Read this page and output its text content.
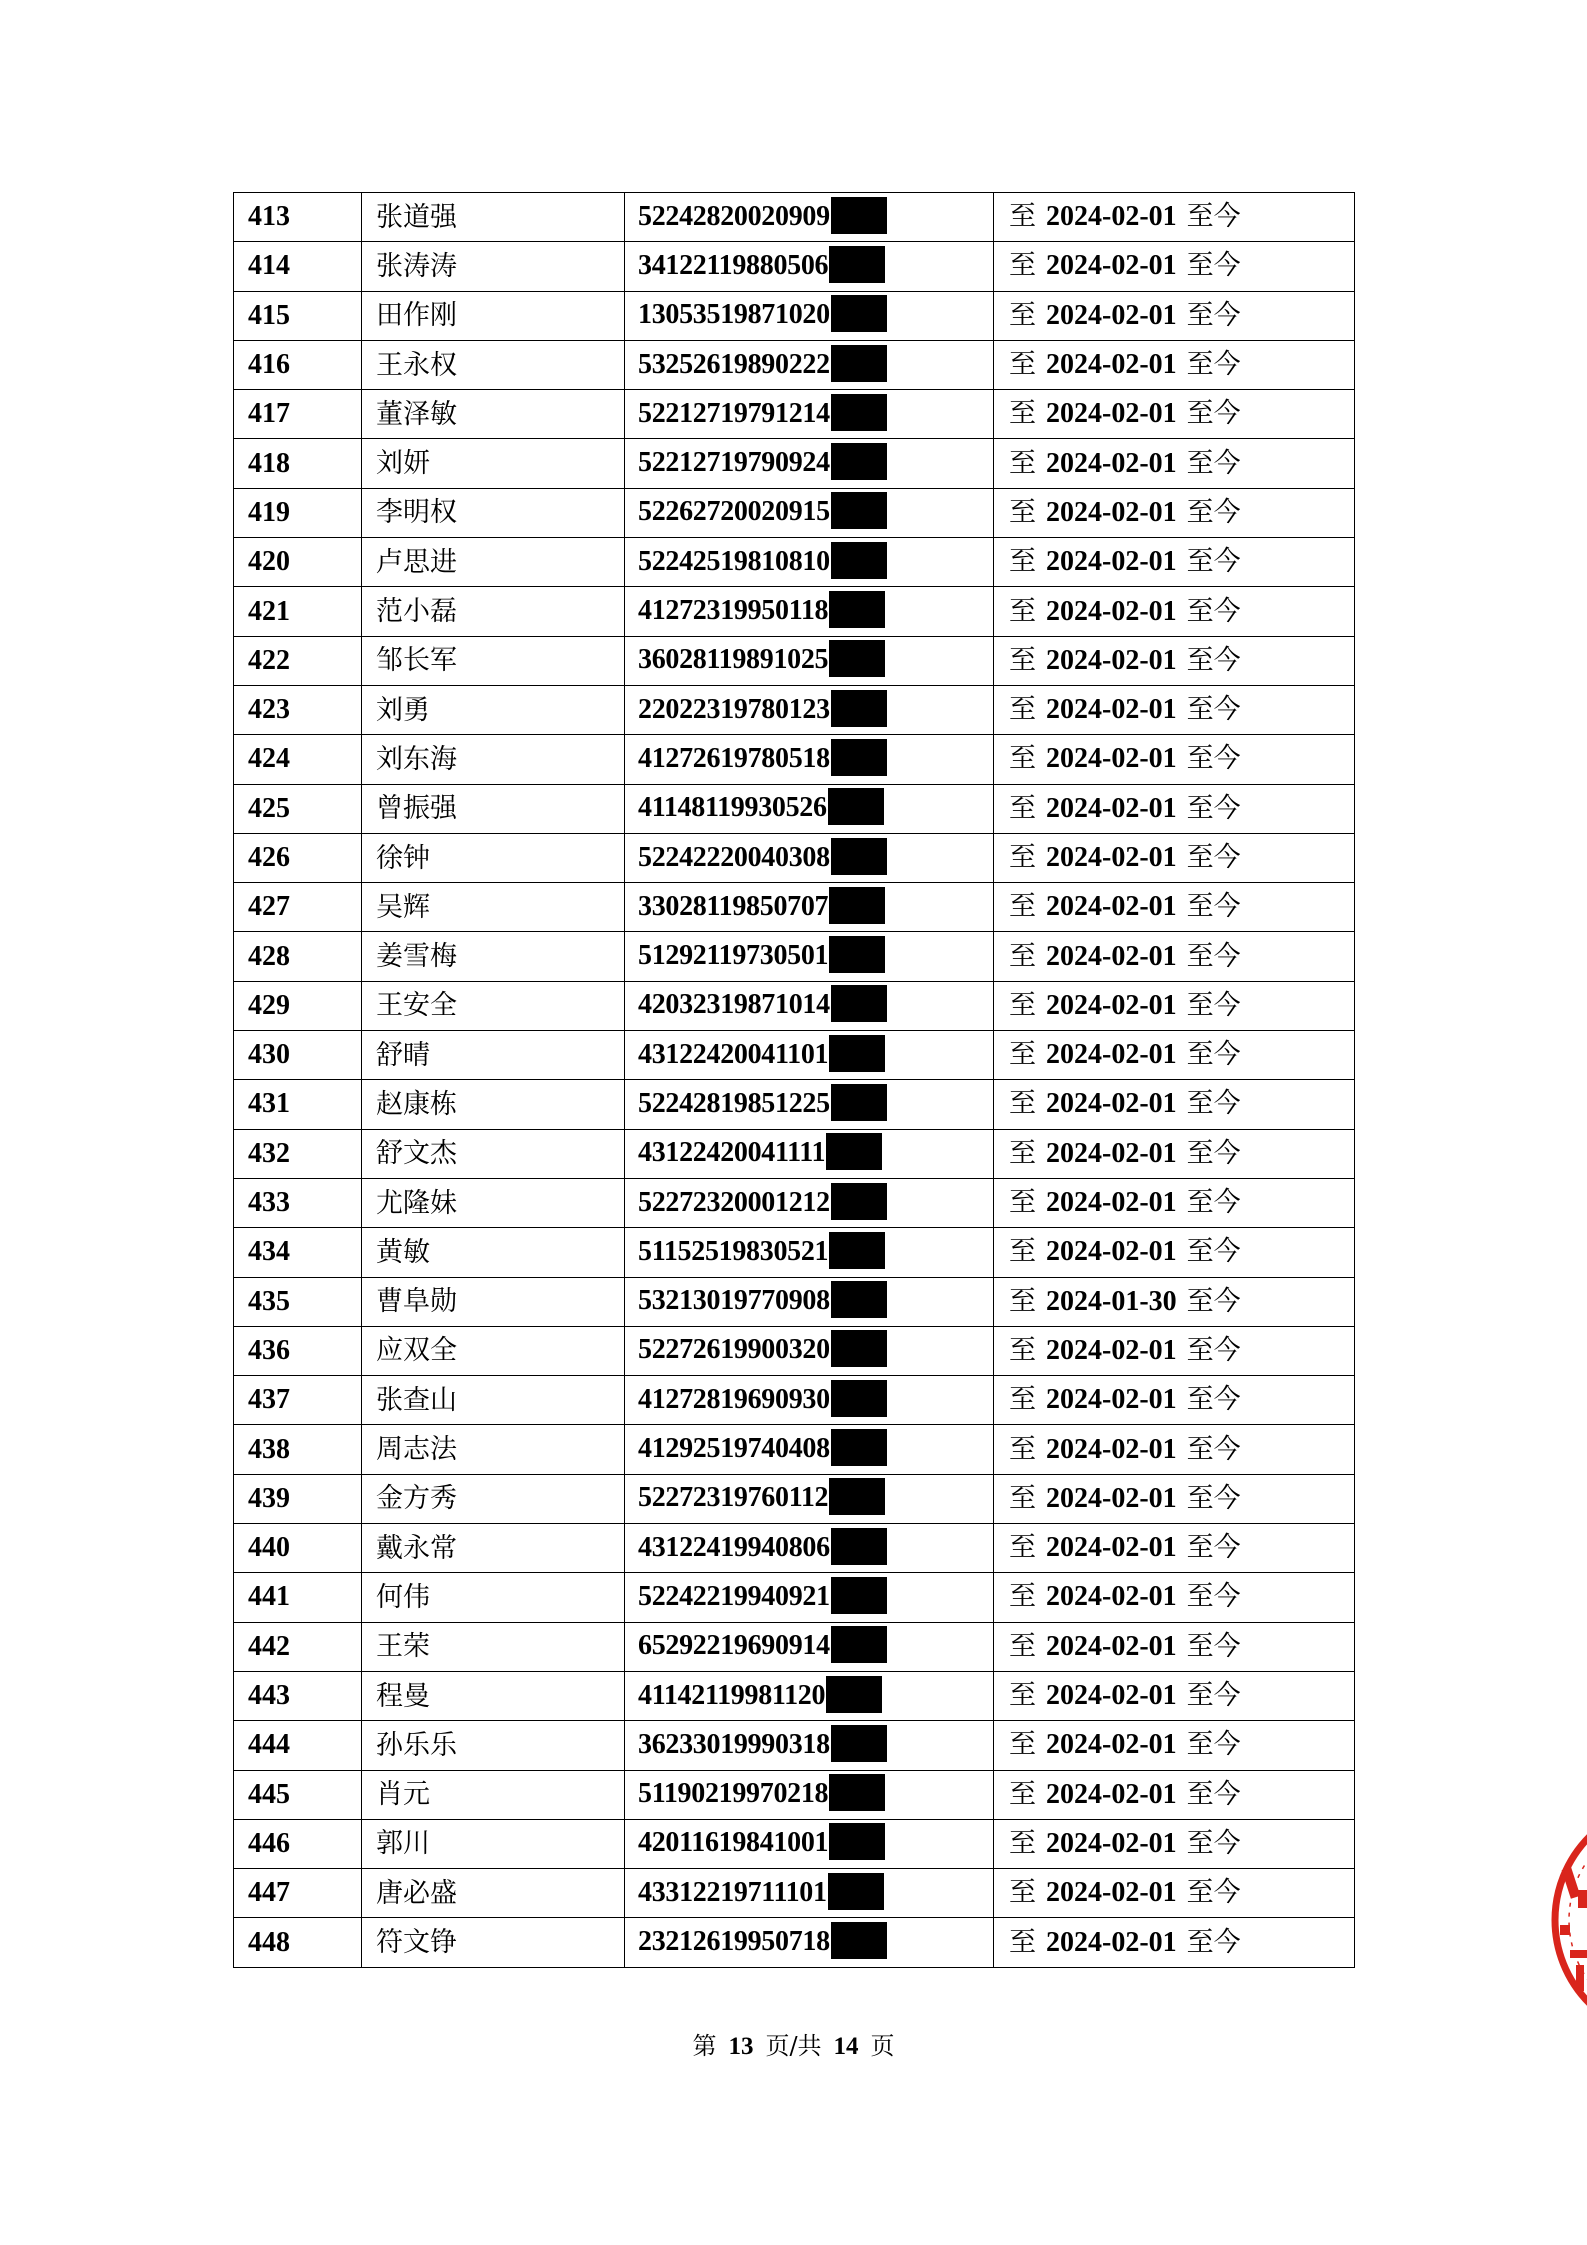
413	张道强	52242820020909	至 2024-02-01 至今
414	张涛涛	34122119880506	至 2024-02-01 至今
415	田作刚	13053519871020	至 2024-02-01 至今
416	王永权	53252619890222	至 2024-02-01 至今
417	董泽敏	52212719791214	至 2024-02-01 至今
418	刘妍	52212719790924	至 2024-02-01 至今
419	李明权	52262720020915	至 2024-02-01 至今
420	卢思进	52242519810810	至 2024-02-01 至今
421	范小磊	41272319950118	至 2024-02-01 至今
422	邹长军	36028119891025	至 2024-02-01 至今
423	刘勇	22022319780123	至 2024-02-01 至今
424	刘东海	41272619780518	至 2024-02-01 至今
425	曾振强	41148119930526	至 2024-02-01 至今
426	徐钟	52242220040308	至 2024-02-01 至今
427	吴辉	33028119850707	至 2024-02-01 至今
428	姜雪梅	51292119730501	至 2024-02-01 至今
429	王安全	42032319871014	至 2024-02-01 至今
430	舒晴	43122420041101	至 2024-02-01 至今
431	赵康栋	52242819851225	至 2024-02-01 至今
432	舒文杰	43122420041111	至 2024-02-01 至今
433	尤隆妹	52272320001212	至 2024-02-01 至今
434	黄敏	51152519830521	至 2024-02-01 至今
435	曹阜勋	53213019770908	至 2024-01-30 至今
436	应双全	52272619900320	至 2024-02-01 至今
437	张查山	41272819690930	至 2024-02-01 至今
438	周志法	41292519740408	至 2024-02-01 至今
439	金方秀	52272319760112	至 2024-02-01 至今
440	戴永常	43122419940806	至 2024-02-01 至今
441	何伟	52242219940921	至 2024-02-01 至今
442	王荣	65292219690914	至 2024-02-01 至今
443	程曼	41142119981120	至 2024-02-01 至今
444	孙乐乐	36233019990318	至 2024-02-01 至今
445	肖元	51190219970218	至 2024-02-01 至今
446	郭川	42011619841001	至 2024-02-01 至今
447	唐必盛	43312219711101	至 2024-02-01 至今
448	符文铮	23212619950718	至 2024-02-01 至今
第 13 页/共 14 页
